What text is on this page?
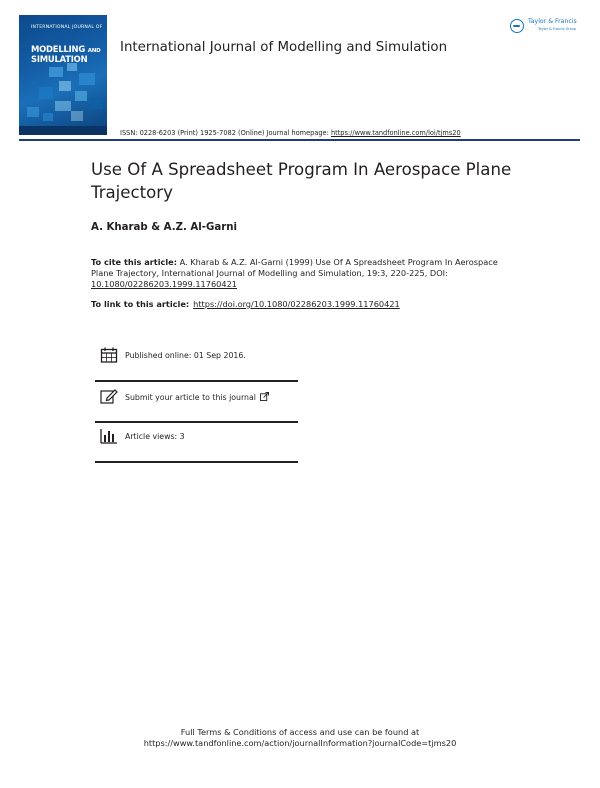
INTERNATIONAL JOURNAL OF
MODELLING AND
SIMULATION
International Journal of Modelling and Simulation
ISSN: 0228-6203 (Print) 1925-7082 (Online) Journal homepage: https://www.tandfonline.com/loi/tjms20
Taylor & Francis
Taylor & Francis Group
Use Of A Spreadsheet Program In Aerospace Plane Trajectory
A. Kharab & A.Z. Al-Garni
To cite this article: A. Kharab & A.Z. Al-Garni (1999) Use Of A Spreadsheet Program In Aerospace Plane Trajectory, International Journal of Modelling and Simulation, 19:3, 220-225, DOI: 10.1080/02286203.1999.11760421
To link to this article: https://doi.org/10.1080/02286203.1999.11760421
Published online: 01 Sep 2016.
Submit your article to this journal
Article views: 3
Full Terms & Conditions of access and use can be found at
https://www.tandfonline.com/action/journalInformation?journalCode=tjms20
